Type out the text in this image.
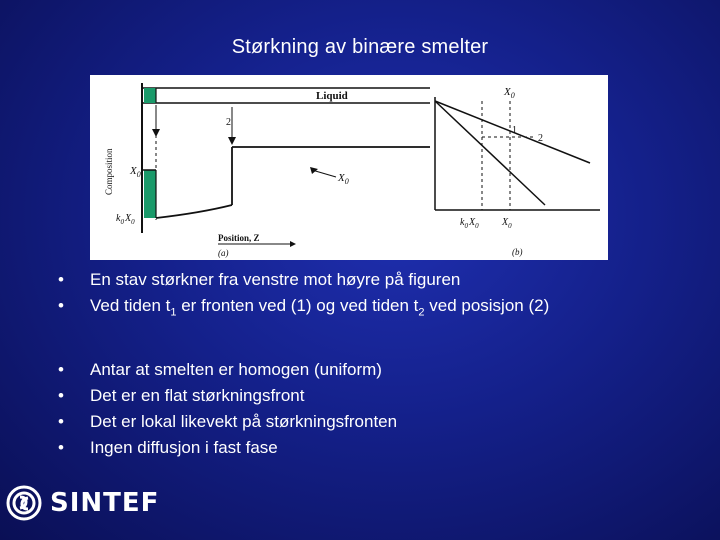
Størkning av binære smelter
Liquid
2
$X_0$
$X_0$
$k_0X_0$
Composition
Position, Z
(a)
$X_0$
1
2
$k_0X_0$ $X_0$
(b)
• En stav størkner fra venstre mot høyre på figuren
• Ved tiden $t_1$ er fronten ved (1) og ved tiden $t_2$ ved posisjon (2)
• Antar at smelten er homogen (uniform)
• Det er en flat størkningsfront
• Det er lokal likevekt på størkningsfronten
• Ingen diffusjon i fast fase
SINTEF
